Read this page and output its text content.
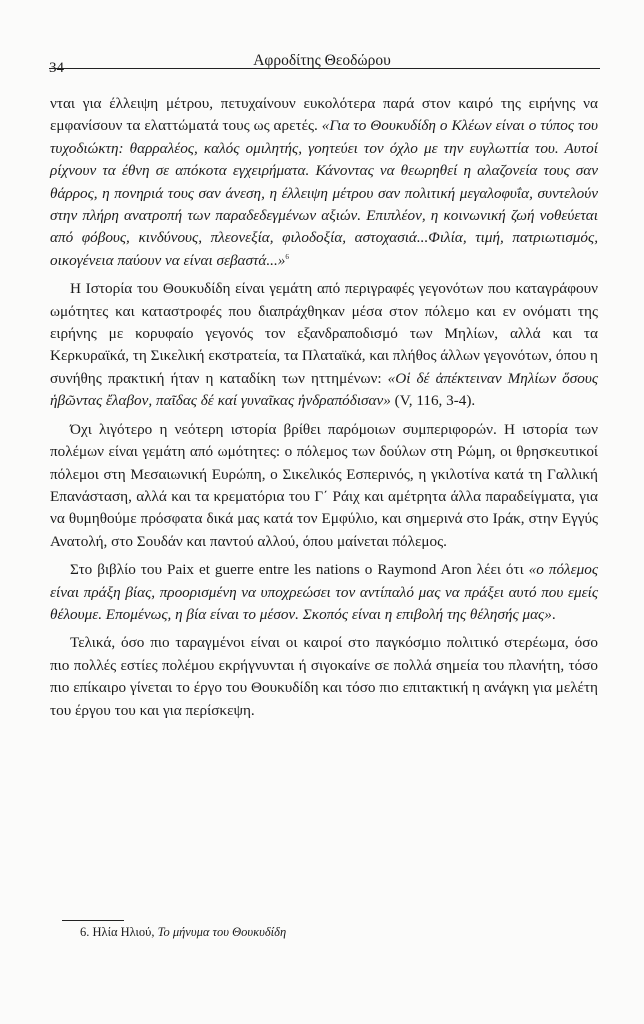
34	Αφροδίτης Θεοδώρου

νται για έλλειψη μέτρου, πετυχαίνουν ευκολότερα παρά στον καιρό της ειρήνης να εμφανίσουν τα ελαττώματά τους ως αρετές. «Για το Θουκυδίδη ο Κλέων είναι ο τύπος του τυχοδιώκτη: θαρραλέος, καλός ομιλητής, γοητεύει τον όχλο με την ευγλωττία του. Αυτοί ρίχνουν τα έθνη σε απόκοτα εγχειρήματα. Κάνοντας να θεωρηθεί η αλαζονεία τους σαν θάρρος, η πονηριά τους σαν άνεση, η έλλειψη μέτρου σαν πολιτική μεγαλοφυΐα, συντελούν στην πλήρη ανατροπή των παραδεδεγμένων αξιών. Επιπλέον, η κοινωνική ζωή νοθεύεται από φόβους, κινδύνους, πλεονεξία, φιλοδοξία, αστοχασιά...Φιλία, τιμή, πατριωτισμός, οικογένεια παύουν να είναι σεβαστά...»$^6$

Η Ιστορία του Θουκυδίδη είναι γεμάτη από περιγραφές γεγονότων που καταγράφουν ωμότητες και καταστροφές που διαπράχθηκαν μέσα στον πόλεμο και εν ονόματι της ειρήνης με κορυφαίο γεγονός τον εξανδραποδισμό των Μηλίων, αλλά και τα Κερκυραϊκά, τη Σικελική εκστρατεία, τα Πλαταϊκά, και πλήθος άλλων γεγονότων, όπου η συνήθης πρακτική ήταν η καταδίκη των ηττημένων: «Οἱ δέ ἀπέκτειναν Μηλίων ὅσους ἡβῶντας ἔλαβον, παῖδας δέ καί γυναῖκας ἠνδραπόδισαν» (V, 116, 3-4).

Όχι λιγότερο η νεότερη ιστορία βρίθει παρόμοιων συμπεριφορών. Η ιστορία των πολέμων είναι γεμάτη από ωμότητες: ο πόλεμος των δούλων στη Ρώμη, οι θρησκευτικοί πόλεμοι στη Μεσαιωνική Ευρώπη, ο Σικελικός Εσπερινός, η γκιλοτίνα κατά τη Γαλλική Επανάσταση, αλλά και τα κρεματόρια του Γ΄ Ράιχ και αμέτρητα άλλα παραδείγματα, για να θυμηθούμε πρόσφατα δικά μας κατά τον Εμφύλιο, και σημερινά στο Ιράκ, στην Εγγύς Ανατολή, στο Σουδάν και παντού αλλού, όπου μαίνεται πόλεμος.

Στο βιβλίο του Paix et guerre entre les nations ο Raymond Aron λέει ότι «ο πόλεμος είναι πράξη βίας, προορισμένη να υποχρεώσει τον αντίπαλό μας να πράξει αυτό που εμείς θέλουμε. Επομένως, η βία είναι το μέσον. Σκοπός είναι η επιβολή της θέλησής μας».

Τελικά, όσο πιο ταραγμένοι είναι οι καιροί στο παγκόσμιο πολιτικό στερέωμα, όσο πιο πολλές εστίες πολέμου εκρήγνυνται ή σιγοκαίνε σε πολλά σημεία του πλανήτη, τόσο πιο επίκαιρο γίνεται το έργο του Θουκυδίδη και τόσο πιο επιτακτική η ανάγκη για μελέτη του έργου του και για περίσκεψη.

6. Ηλία Ηλιού, Το μήνυμα του Θουκυδίδη
